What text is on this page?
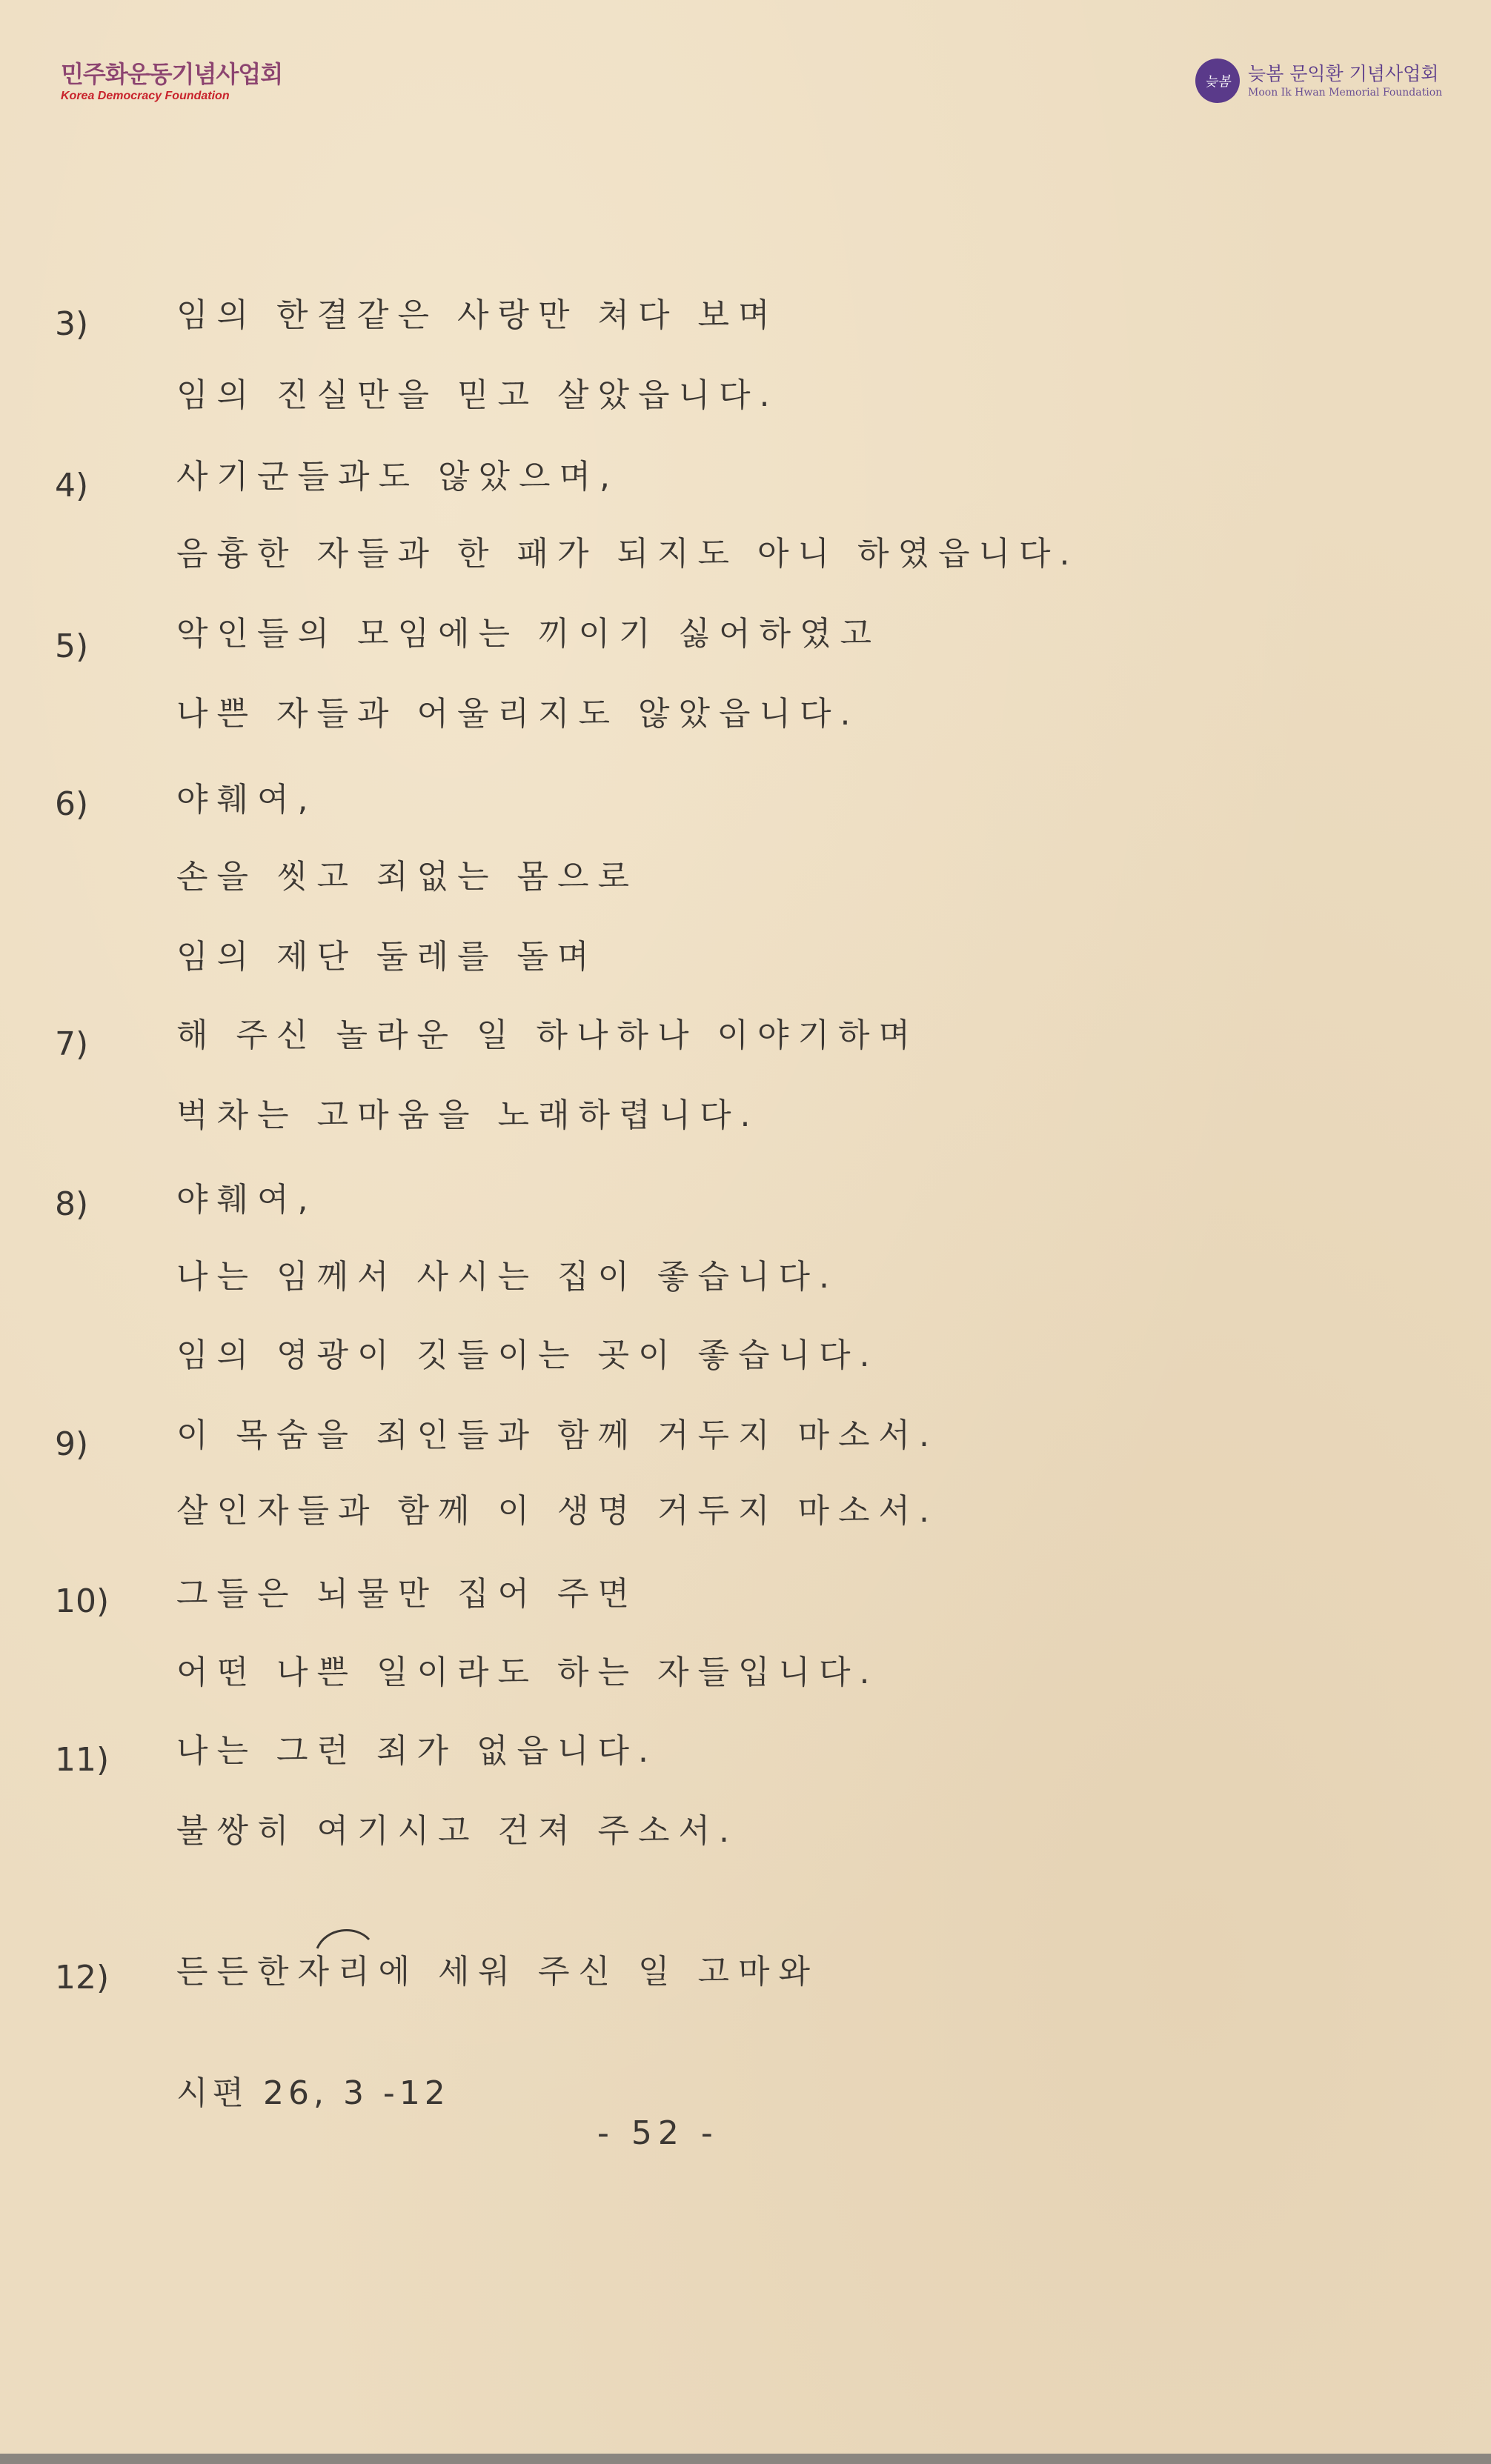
민주화운동기념사업회
Korea Democracy Foundation
늦봄 늦봄 문익환 기념사업회
Moon Ik Hwan Memorial Foundation
3)	임의 한결같은 사랑만 쳐다 보며
임의 진실만을 믿고 살았읍니다.
4)	사기군들과도 않았으며,
음흉한 자들과 한 패가 되지도 아니 하였읍니다.
5)	악인들의 모임에는 끼이기 싫어하였고
나쁜 자들과 어울리지도 않았읍니다.
6)	야훼여,
손을 씻고 죄없는 몸으로
임의 제단 둘레를 돌며
7)	해 주신 놀라운 일 하나하나 이야기하며
벅차는 고마움을 노래하렵니다.
8)	야훼여,
나는 임께서 사시는 집이 좋습니다.
임의 영광이 깃들이는 곳이 좋습니다.
9)	이 목숨을 죄인들과 함께 거두지 마소서.
살인자들과 함께 이 생명 거두지 마소서.
10) 그들은 뇌물만 집어 주면
어떤 나쁜 일이라도 하는 자들입니다.
11) 나는 그런 죄가 없읍니다.
불쌍히 여기시고 건져 주소서.
12) 든든한자리에 세워 주신 일 고마와
시편 26, 3 -12
- 52 -
